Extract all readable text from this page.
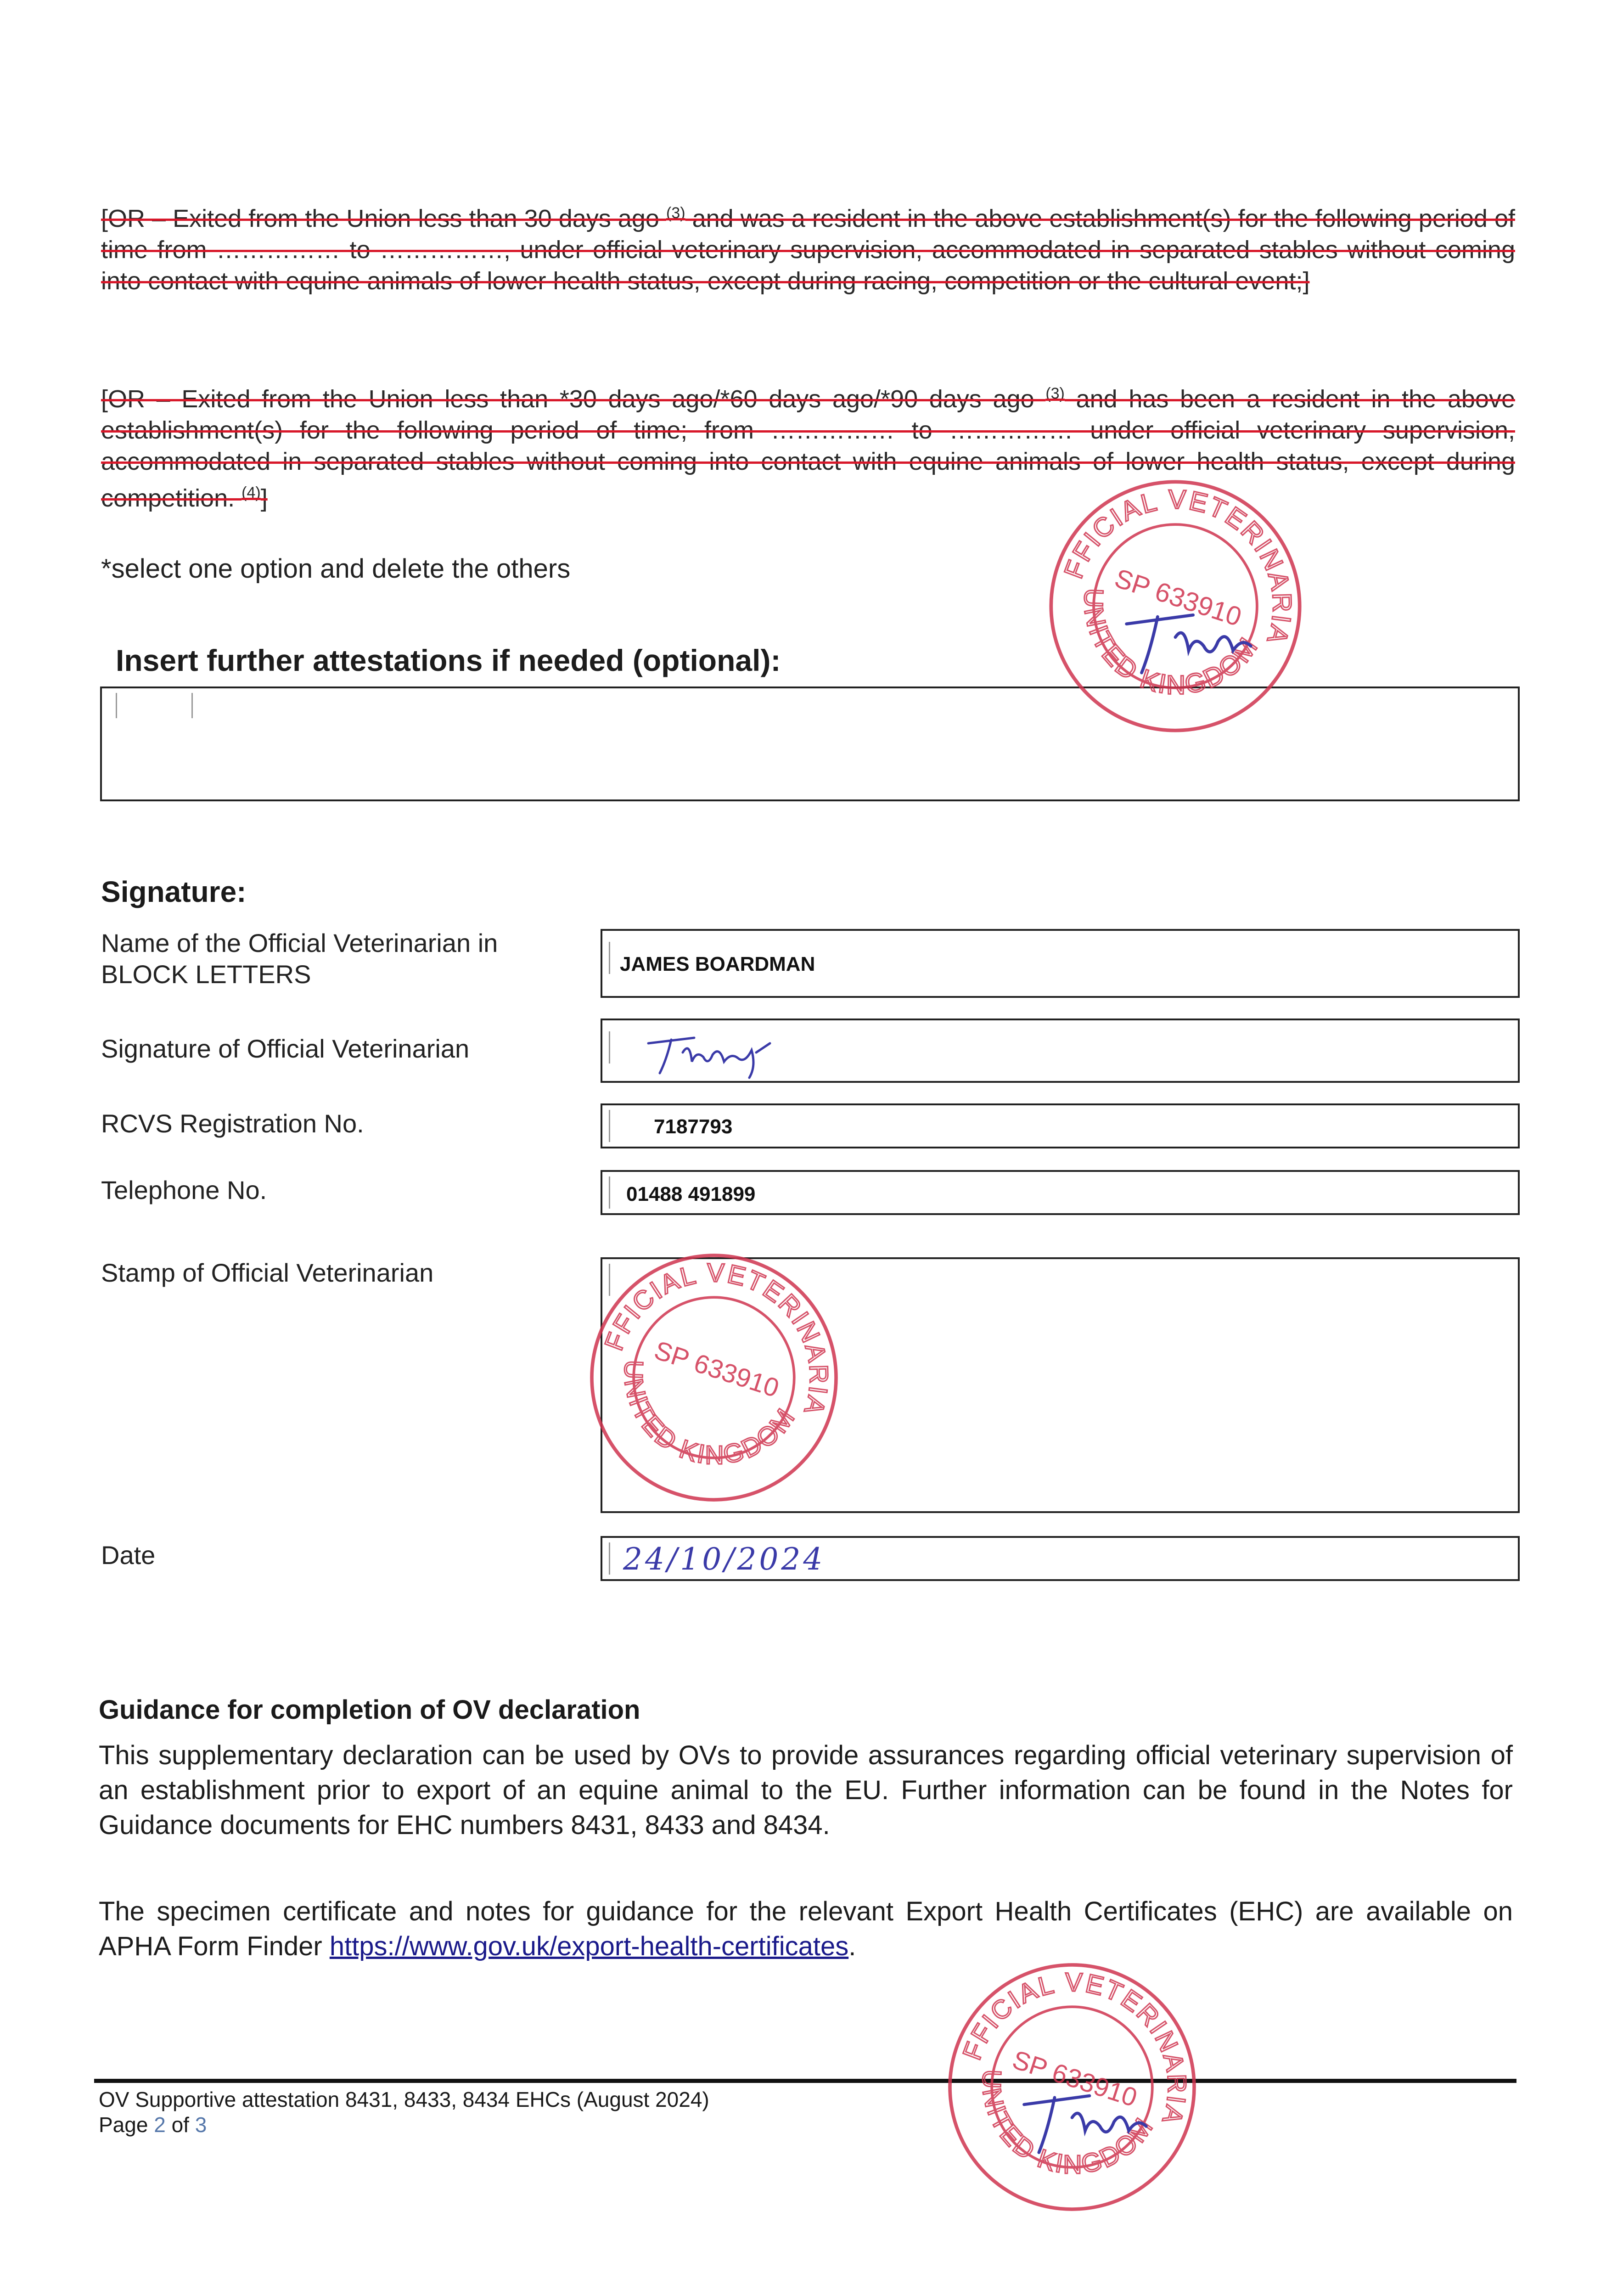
[OR – Exited from the Union less than 30 days ago $^{(3)}$ and was a resident in the above establishment(s) for the following period of time from …………… to ……………, under official veterinary supervision, accommodated in separated stables without coming into contact with equine animals of lower health status, except during racing, competition or the cultural event;]
[OR – Exited from the Union less than *30 days ago/*60 days ago/*90 days ago $^{(3)}$ and has been a resident in the above establishment(s) for the following period of time; from …………… to …………… under official veterinary supervision, accommodated in separated stables without coming into contact with equine animals of lower health status, except during competition. $^{(4)}$]
*select one option and delete the others
Insert further attestations if needed (optional):
Signature:
Name of the Official Veterinarian in
BLOCK LETTERS	JAMES BOARDMAN
Signature of Official Veterinarian
RCVS Registration No.	7187793
Telephone No.	01488 491899
Stamp of Official Veterinarian
Date	24/10/2024
Guidance for completion of OV declaration
This supplementary declaration can be used by OVs to provide assurances regarding official veterinary supervision of an establishment prior to export of an equine animal to the EU. Further information can be found in the Notes for Guidance documents for EHC numbers 8431, 8433 and 8434.
The specimen certificate and notes for guidance for the relevant Export Health Certificates (EHC) are available on APHA Form Finder https://www.gov.uk/export-health-certificates.
OV Supportive attestation 8431, 8433, 8434 EHCs (August 2024)
Page 2 of 3
OFFICIAL VETERINARIAN
UNITED KINGDOM
SP 633910
OFFICIAL VETERINARIAN
UNITED KINGDOM
SP 633910
OFFICIAL VETERINARIAN
UNITED KINGDOM
SP 633910
